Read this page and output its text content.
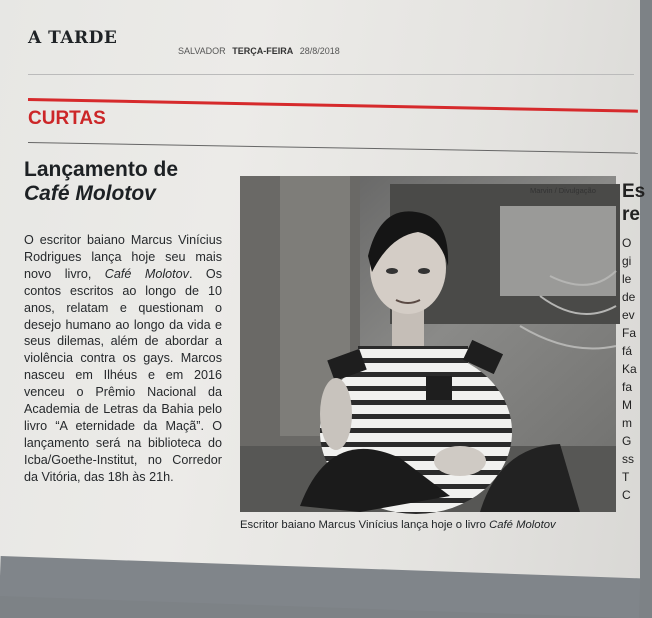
A TARDE
SALVADOR TERÇA-FEIRA 28/8/2018
CURTAS
Lançamento de
Café Molotov
O escritor baiano Marcus Vinícius Rodrigues lança hoje seu mais novo livro, Café Molotov. Os contos escritos ao longo de 10 anos, relatam e questionam o desejo humano ao longo da vida e seus dilemas, além de abordar a violência contra os gays. Marcos nasceu em Ilhéus e em 2016 venceu o Prêmio Nacional da Academia de Letras da Bahia pelo livro “A eternidade da Maçã”. O lançamento será na biblioteca do Icba/Goethe-Institut, no Corredor da Vitória, das 18h às 21h.
Marvin / Divulgação
Escritor baiano Marcus Vinícius lança hoje o livro Café Molotov
Es
re
O
gi
le
de
ev
Fa
fá
Ka
fa
M
m
G
ss
T
C
